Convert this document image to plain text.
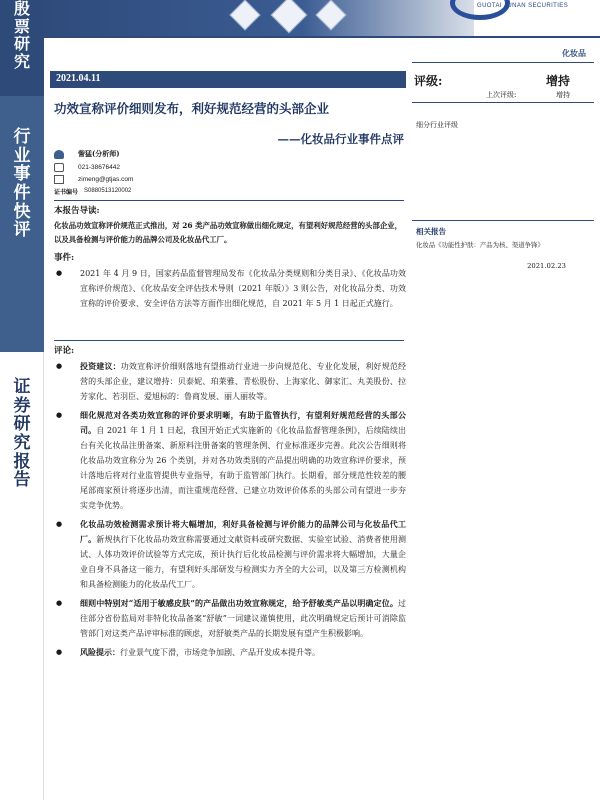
殷
票
研
究
行
业
事
件
快
评
证
券
研
究
报
告
GUOTAI JUNAN SECURITIES
化妆品
2021.04.11
功效宣称评价细则发布，利好规范经营的头部企业
——化妆品行业事件点评
訾猛(分析师)
021-38676442
zimeng@gtjas.com
证书编号 S0880513120002
本报告导读:
化妆品功效宣称评价规范正式推出，对 26 类产品功效宣称做出细化规定，有望利好规范经营的头部企业，以及具备检测与评价能力的品牌公司及化妆品代工厂。
事件:
● 2021 年 4 月 9 日，国家药品监督管理局发布《化妆品分类规则和分类目录》、《化妆品功效宣称评价规范》、《化妆品安全评估技术导则（2021 年版）》3 则公告，对化妆品分类、功效宣称的评价要求、安全评估方法等方面作出细化规范，自 2021 年 5 月 1 日起正式施行。
评论:
● 投资建议：功效宣称评价细则落地有望推动行业进一步向规范化、专业化发展，利好规范经营的头部企业，建议增持：贝泰妮、珀莱雅、青松股份、上海家化、御家汇、丸美股份、拉芳家化、若羽臣、爱旭标的：鲁商发展、丽人丽妆等。
● 细化规范对各类功效宣称的评价要求明晰，有助于监管执行，有望利好规范经营的头部公司。自 2021 年 1 月 1 日起，我国开始正式实施新的《化妆品监督管理条例》，后续陆续出台有关化妆品注册备案、新原料注册备案的管理条例、行业标准逐步完善。此次公告细则将化妆品功效宣称分为 26 个类别，并对各功效类别的产品提出明确的功效宣称评价要求，预计落地后将对行业监管提供专业指导，有助于监管部门执行。长期看，部分规范性较差的腰尾部商家预计将逐步出清，而注重规范经营、已建立功效评价体系的头部公司有望进一步夯实竞争优势。
● 化妆品功效检测需求预计将大幅增加，利好具备检测与评价能力的品牌公司与化妆品代工厂。新规执行下化妆品功效宣称需要通过文献资料或研究数据、实验室试验、消费者使用测试、人体功效评价试验等方式完成，预计执行后化妆品检测与评价需求将大幅增加，大量企业自身不具备这一能力，有望利好头部研发与检测实力齐全的大公司，以及第三方检测机构和具备检测能力的化妆品代工厂。
● 细则中特别对“适用于敏感皮肤”的产品做出功效宣称规定，给予舒敏类产品以明确定位。过往部分省份监局对非特化妆品备案“舒敏”一词建议谨慎使用，此次明确规定后预计可消除监管部门对这类产品评审标准的顾虑，对舒敏类产品的长期发展有望产生积极影响。
● 风险提示：行业景气度下滑，市场竞争加剧、产品开发成本提升等。
评级:	增持
上次评级:	增持
细分行业评级
相关报告
化妆品《功能性护肤：产品为核、渠道争锋》
2021.02.23
